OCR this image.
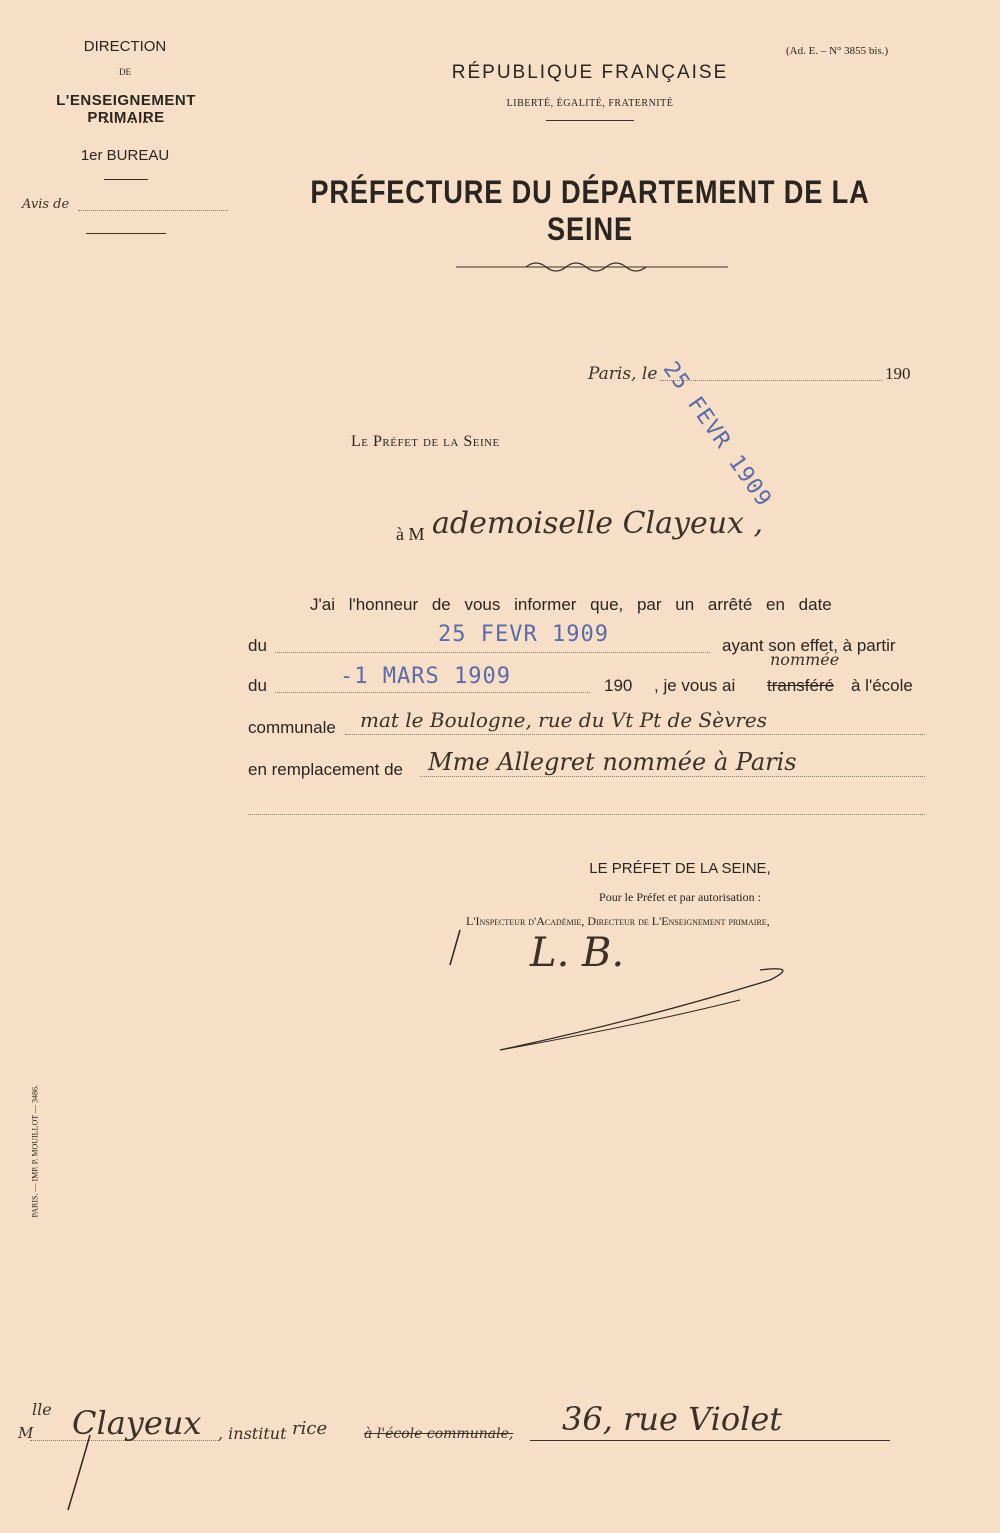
DIRECTION
DE
L'ENSEIGNEMENT PRIMAIRE
1er BUREAU
Avis de
(Ad. E. – N° 3855 bis.)
RÉPUBLIQUE FRANÇAISE
LIBERTÉ, ÉGALITÉ, FRATERNITÉ
PRÉFECTURE DU DÉPARTEMENT DE LA SEINE
Paris, le	190
25 FEVR 1909
Le Préfet de la Seine
à M ademoiselle Clayeux ,
J'ai l'honneur de vous informer que, par un arrêté en date
du	25 FEVR 1909	ayant son effet, à partir
du	-1 MARS 1909	190 , je vous ai transféré
nommée
à l'école
communale mat le Boulogne, rue du Vt Pt de Sèvres
en remplacement de Mme Allegret nommée à Paris
LE PRÉFET DE LA SEINE,
Pour le Préfet et par autorisation :
L'Inspecteur d'Académie, Directeur de L'Enseignement primaire,
L. B.
PARIS. — IMP. P. MOUILLOT — 3486.
M
lle Clayeux , institut rice	à l'école communale, 36, rue Violet
